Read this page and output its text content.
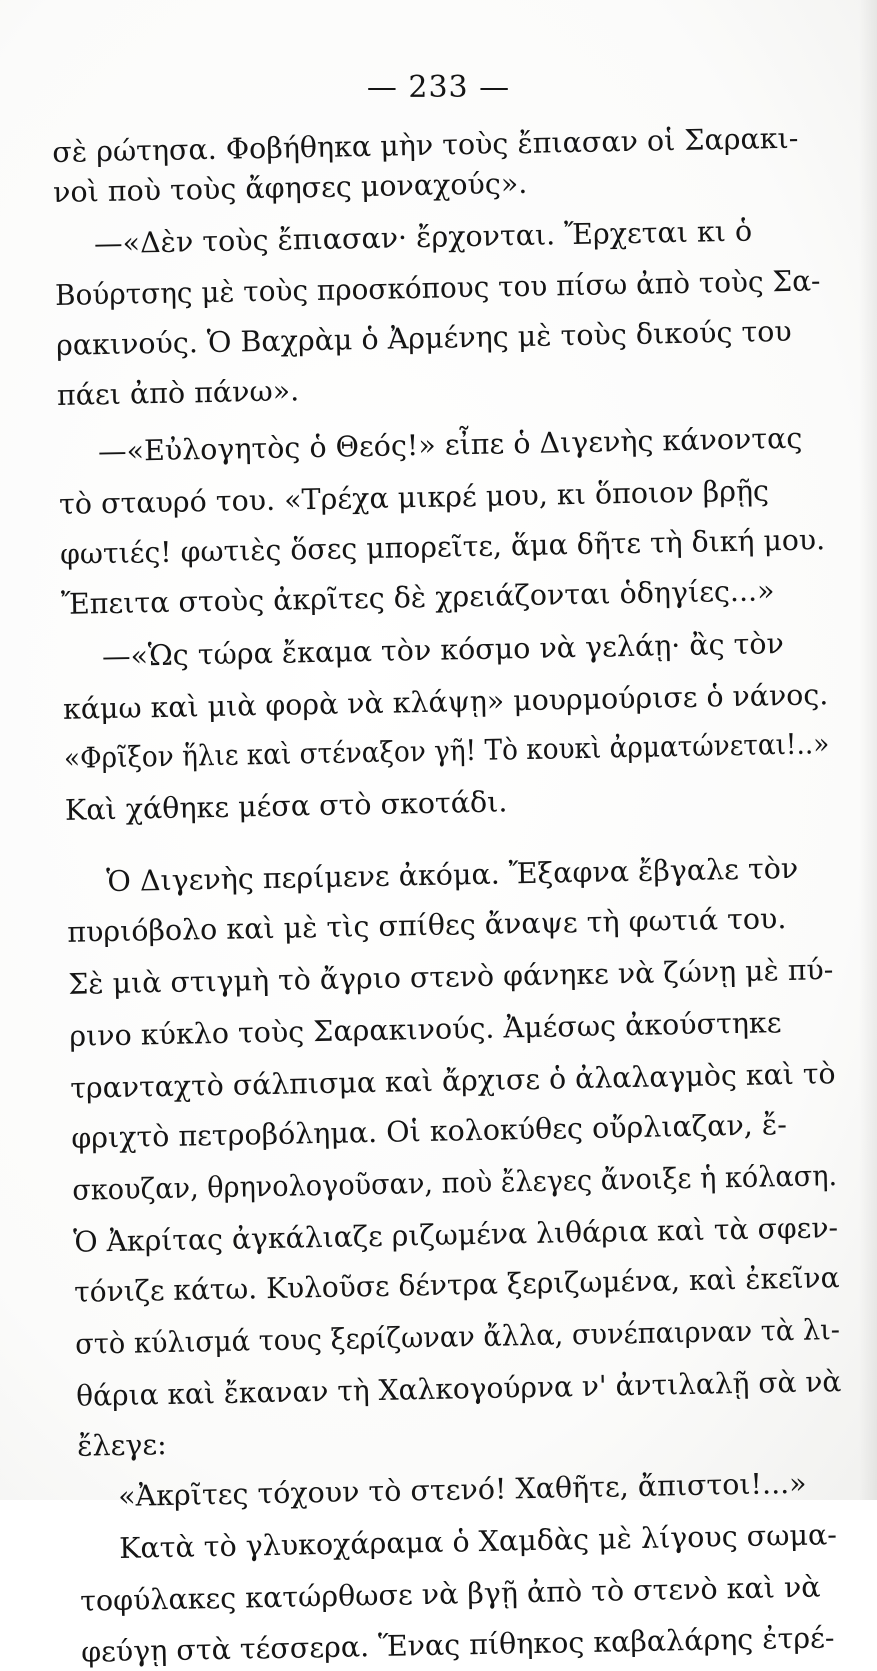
— 233 —
σὲ ρώτησα. Φοβήθηκα μὴν τοὺς ἔπιασαν οἱ Σαρακι-
νοὶ ποὺ τοὺς ἄφησες μοναχούς».
—«Δὲν τοὺς ἔπιασαν· ἔρχονται. Ἔρχεται κι ὁ
Βούρτσης μὲ τοὺς προσκόπους του πίσω ἀπὸ τοὺς Σα-
ρακινούς. Ὁ Βαχρὰμ ὁ Ἀρμένης μὲ τοὺς δικούς του
πάει ἀπὸ πάνω».
—«Εὐλογητὸς ὁ Θεός!» εἶπε ὁ Διγενὴς κάνοντας
τὸ σταυρό του. «Τρέχα μικρέ μου, κι ὅποιον βρῇς
φωτιές! φωτιὲς ὅσες μπορεῖτε, ἅμα δῆτε τὴ δική μου.
Ἔπειτα στοὺς ἀκρῖτες δὲ χρειάζονται ὁδηγίες...»
—«Ὡς τώρα ἔκαμα τὸν κόσμο νὰ γελάῃ· ἂς τὸν
κάμω καὶ μιὰ φορὰ νὰ κλάψῃ» μουρμούρισε ὁ νάνος.
«Φρῖξον ἥλιε καὶ στέναξον γῆ! Τὸ κουκὶ ἀρματώνεται!..»
Καὶ χάθηκε μέσα στὸ σκοτάδι.
Ὁ Διγενὴς περίμενε ἀκόμα. Ἔξαφνα ἔβγαλε τὸν
πυριόβολο καὶ μὲ τὶς σπίθες ἄναψε τὴ φωτιά του.
Σὲ μιὰ στιγμὴ τὸ ἄγριο στενὸ φάνηκε νὰ ζώνῃ μὲ πύ-
ρινο κύκλο τοὺς Σαρακινούς. Ἀμέσως ἀκούστηκε
τρανταχτὸ σάλπισμα καὶ ἄρχισε ὁ ἀλαλαγμὸς καὶ τὸ
φριχτὸ πετροβόλημα. Οἱ κολοκύθες οὔρλιαζαν, ἔ-
σκουζαν, θρηνολογοῦσαν, ποὺ ἔλεγες ἄνοιξε ἡ κόλαση.
Ὁ Ἀκρίτας ἀγκάλιαζε ριζωμένα λιθάρια καὶ τὰ σφεν-
τόνιζε κάτω. Κυλοῦσε δέντρα ξεριζωμένα, καὶ ἐκεῖνα
στὸ κύλισμά τους ξερίζωναν ἄλλα, συνέπαιρναν τὰ λι-
θάρια καὶ ἔκαναν τὴ Χαλκογούρνα ν' ἀντιλαλῇ σὰ νὰ
ἔλεγε:
«Ἀκρῖτες τόχουν τὸ στενό! Χαθῆτε, ἄπιστοι!...»
Κατὰ τὸ γλυκοχάραμα ὁ Χαμδὰς μὲ λίγους σωμα-
τοφύλακες κατώρθωσε νὰ βγῇ ἀπὸ τὸ στενὸ καὶ νὰ
φεύγῃ στὰ τέσσερα. Ἕνας πίθηκος καβαλάρης ἐτρέ-
